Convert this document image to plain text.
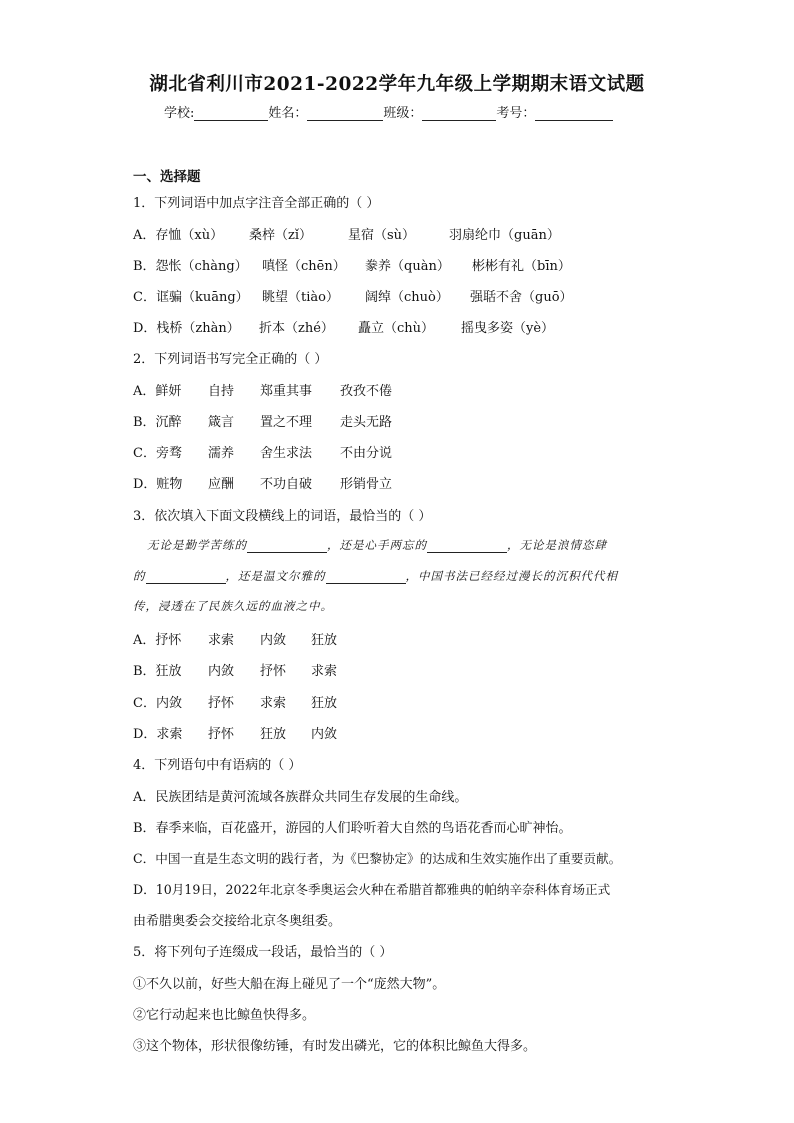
湖北省利川市2021-2022学年九年级上学期期末语文试题
学校:	姓名：	班级：	考号：
一、选择题
1．下列词语中加点字注音全部正确的（ ）
A．存恤（xù） 桑梓（zǐ）	星宿（sù）	羽扇纶巾（guān）
B．怨怅（chàng） 嗔怪（chēn） 豢养（quàn） 彬彬有礼（bīn）
C．诓骗（kuāng） 眺望（tiào） 阔绰（chuò） 强聒不舍（guō）
D．栈桥（zhàn） 折本（zhé） 矗立（chù） 摇曳多姿（yè）
2．下列词语书写完全正确的（ ）
A．鲜妍 自持 郑重其事 孜孜不倦
B．沉醉 箴言 置之不理 走头无路
C．旁骛 濡养 舍生求法 不由分说
D．赃物 应酬 不功自破 形销骨立
3．依次填入下面文段横线上的词语，最恰当的（ ）
无论是勤学苦练的	，还是心手两忘的	，无论是浪情恣肆
的	，还是温文尔雅的	，中国书法已经经过漫长的沉积代代相
传，浸透在了民族久远的血液之中。
A．抒怀 求索 内敛 狂放
B．狂放 内敛 抒怀 求索
C．内敛 抒怀 求索 狂放
D．求索 抒怀 狂放 内敛
4．下列语句中有语病的（ ）
A．民族团结是黄河流域各族群众共同生存发展的生命线。
B．春季来临，百花盛开，游园的人们聆听着大自然的鸟语花香而心旷神怡。
C．中国一直是生态文明的践行者，为《巴黎协定》的达成和生效实施作出了重要贡献。
D．10月19日，2022年北京冬季奥运会火种在希腊首都雅典的帕纳辛奈科体育场正式
由希腊奥委会交接给北京冬奥组委。
5．将下列句子连缀成一段话，最恰当的（ ）
①不久以前，好些大船在海上碰见了一个“庞然大物”。
②它行动起来也比鲸鱼快得多。
③这个物体，形状很像纺锤，有时发出磷光，它的体积比鲸鱼大得多。
